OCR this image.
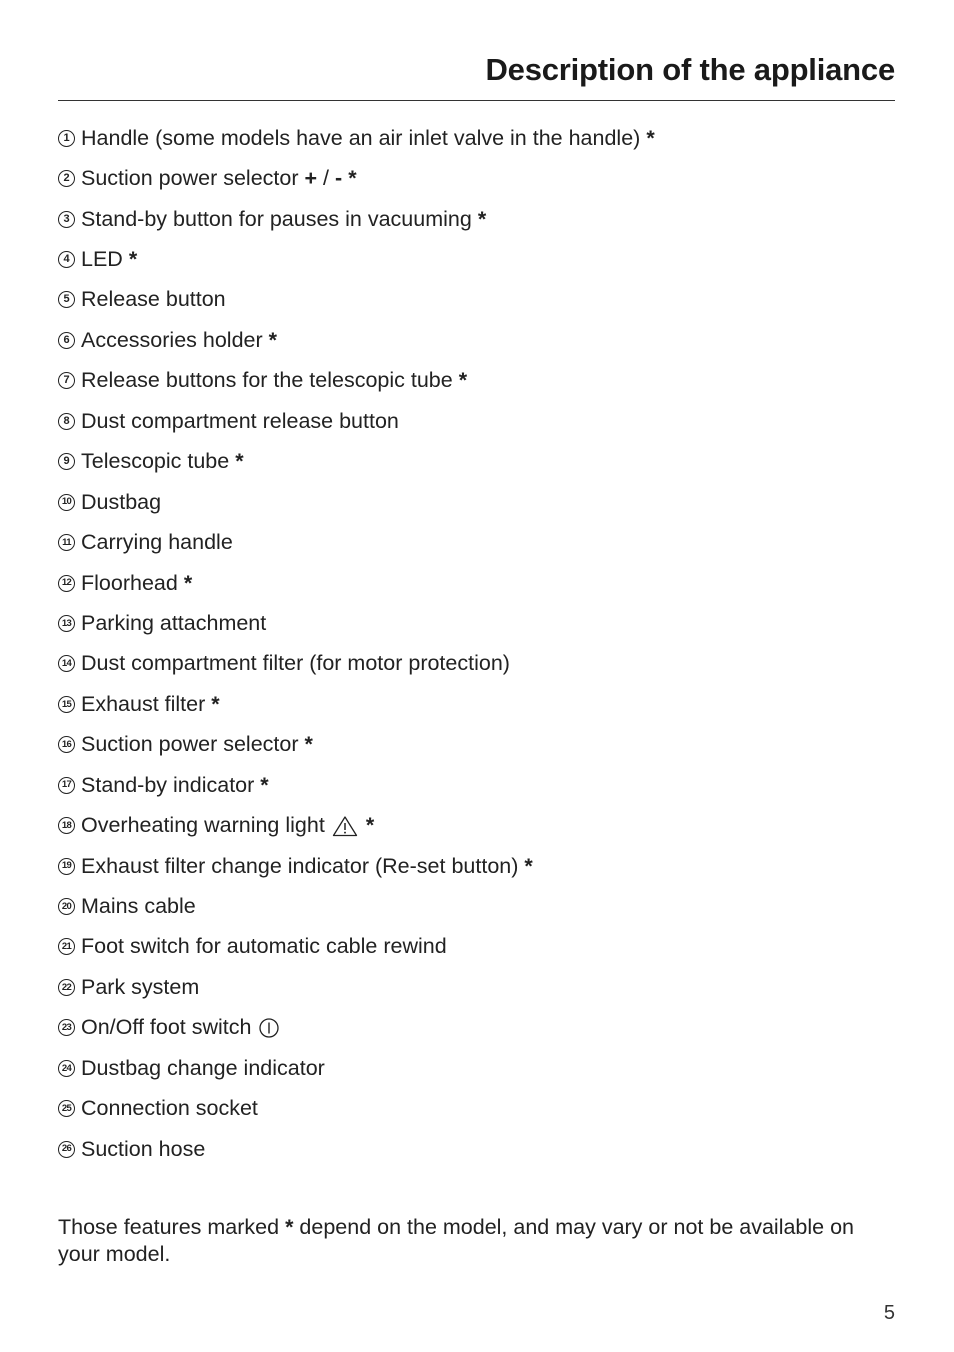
Description of the appliance
1 Handle (some models have an air inlet valve in the handle) *
2 Suction power selector + / - *
3 Stand-by button for pauses in vacuuming *
4 LED *
5 Release button
6 Accessories holder *
7 Release buttons for the telescopic tube *
8 Dust compartment release button
9 Telescopic tube *
10 Dustbag
11 Carrying handle
12 Floorhead *
13 Parking attachment
14 Dust compartment filter (for motor protection)
15 Exhaust filter *
16 Suction power selector *
17 Stand-by indicator *
18 Overheating warning light *
19 Exhaust filter change indicator (Re-set button) *
20 Mains cable
21 Foot switch for automatic cable rewind
22 Park system
23 On/Off foot switch
24 Dustbag change indicator
25 Connection socket
26 Suction hose

Those features marked * depend on the model, and may vary or not be available on your model.

5
